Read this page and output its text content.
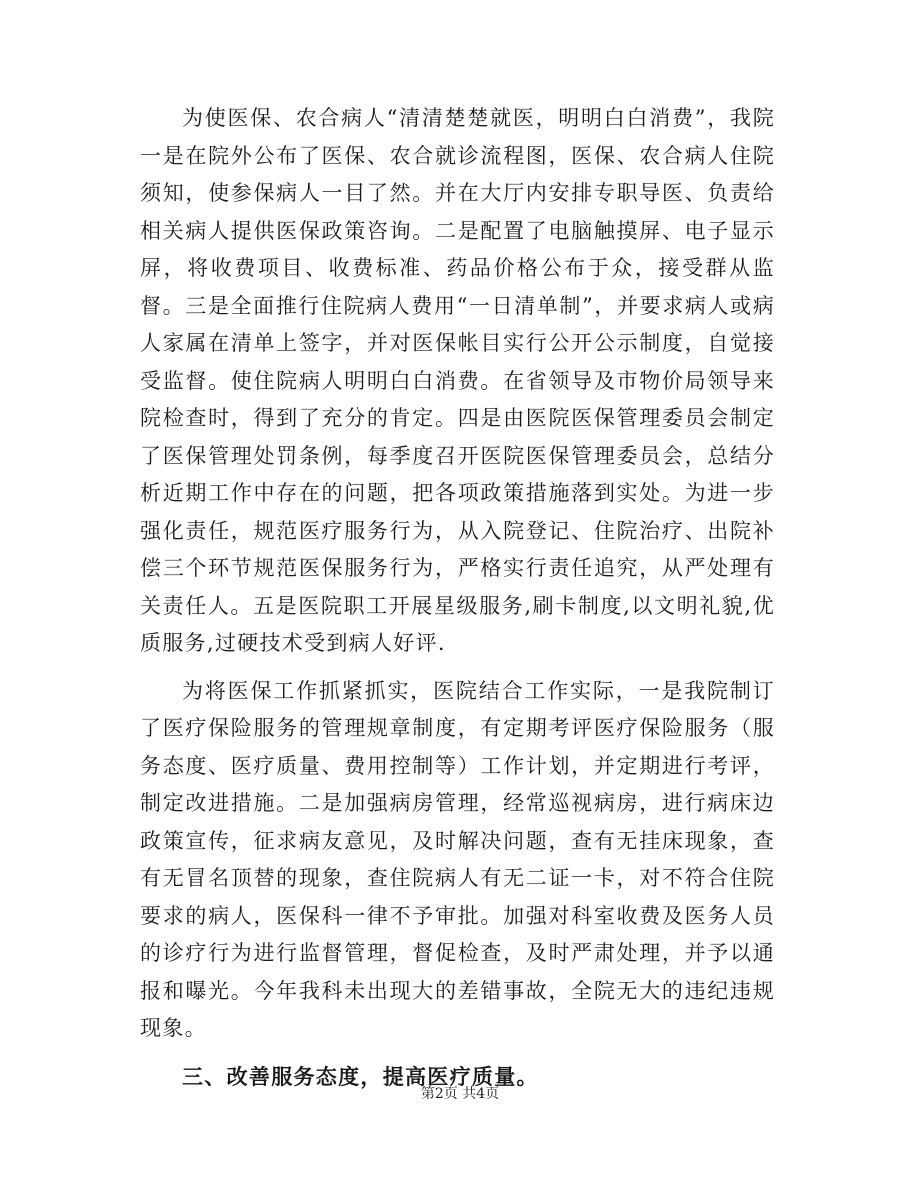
为使医保、农合病人“清清楚楚就医，明明白白消费”，我院一是在院外公布了医保、农合就诊流程图，医保、农合病人住院须知，使参保病人一目了然。并在大厅内安排专职导医、负责给相关病人提供医保政策咨询。二是配置了电脑触摸屏、电子显示屏，将收费项目、收费标准、药品价格公布于众，接受群从监督。三是全面推行住院病人费用“一日清单制”，并要求病人或病人家属在清单上签字，并对医保帐目实行公开公示制度，自觉接受监督。使住院病人明明白白消费。在省领导及市物价局领导来院检查时，得到了充分的肯定。四是由医院医保管理委员会制定了医保管理处罚条例，每季度召开医院医保管理委员会，总结分析近期工作中存在的问题，把各项政策措施落到实处。为进一步强化责任，规范医疗服务行为，从入院登记、住院治疗、出院补偿三个环节规范医保服务行为，严格实行责任追究，从严处理有关责任人。五是医院职工开展星级服务,刷卡制度,以文明礼貌,优质服务,过硬技术受到病人好评.

为将医保工作抓紧抓实，医院结合工作实际，一是我院制订了医疗保险服务的管理规章制度，有定期考评医疗保险服务（服务态度、医疗质量、费用控制等）工作计划，并定期进行考评，制定改进措施。二是加强病房管理，经常巡视病房，进行病床边政策宣传，征求病友意见，及时解决问题，查有无挂床现象，查有无冒名顶替的现象，查住院病人有无二证一卡，对不符合住院要求的病人，医保科一律不予审批。加强对科室收费及医务人员的诊疗行为进行监督管理，督促检查，及时严肃处理，并予以通报和曝光。今年我科未出现大的差错事故，全院无大的违纪违规现象。

三、改善服务态度，提高医疗质量。

第2页 共4页
